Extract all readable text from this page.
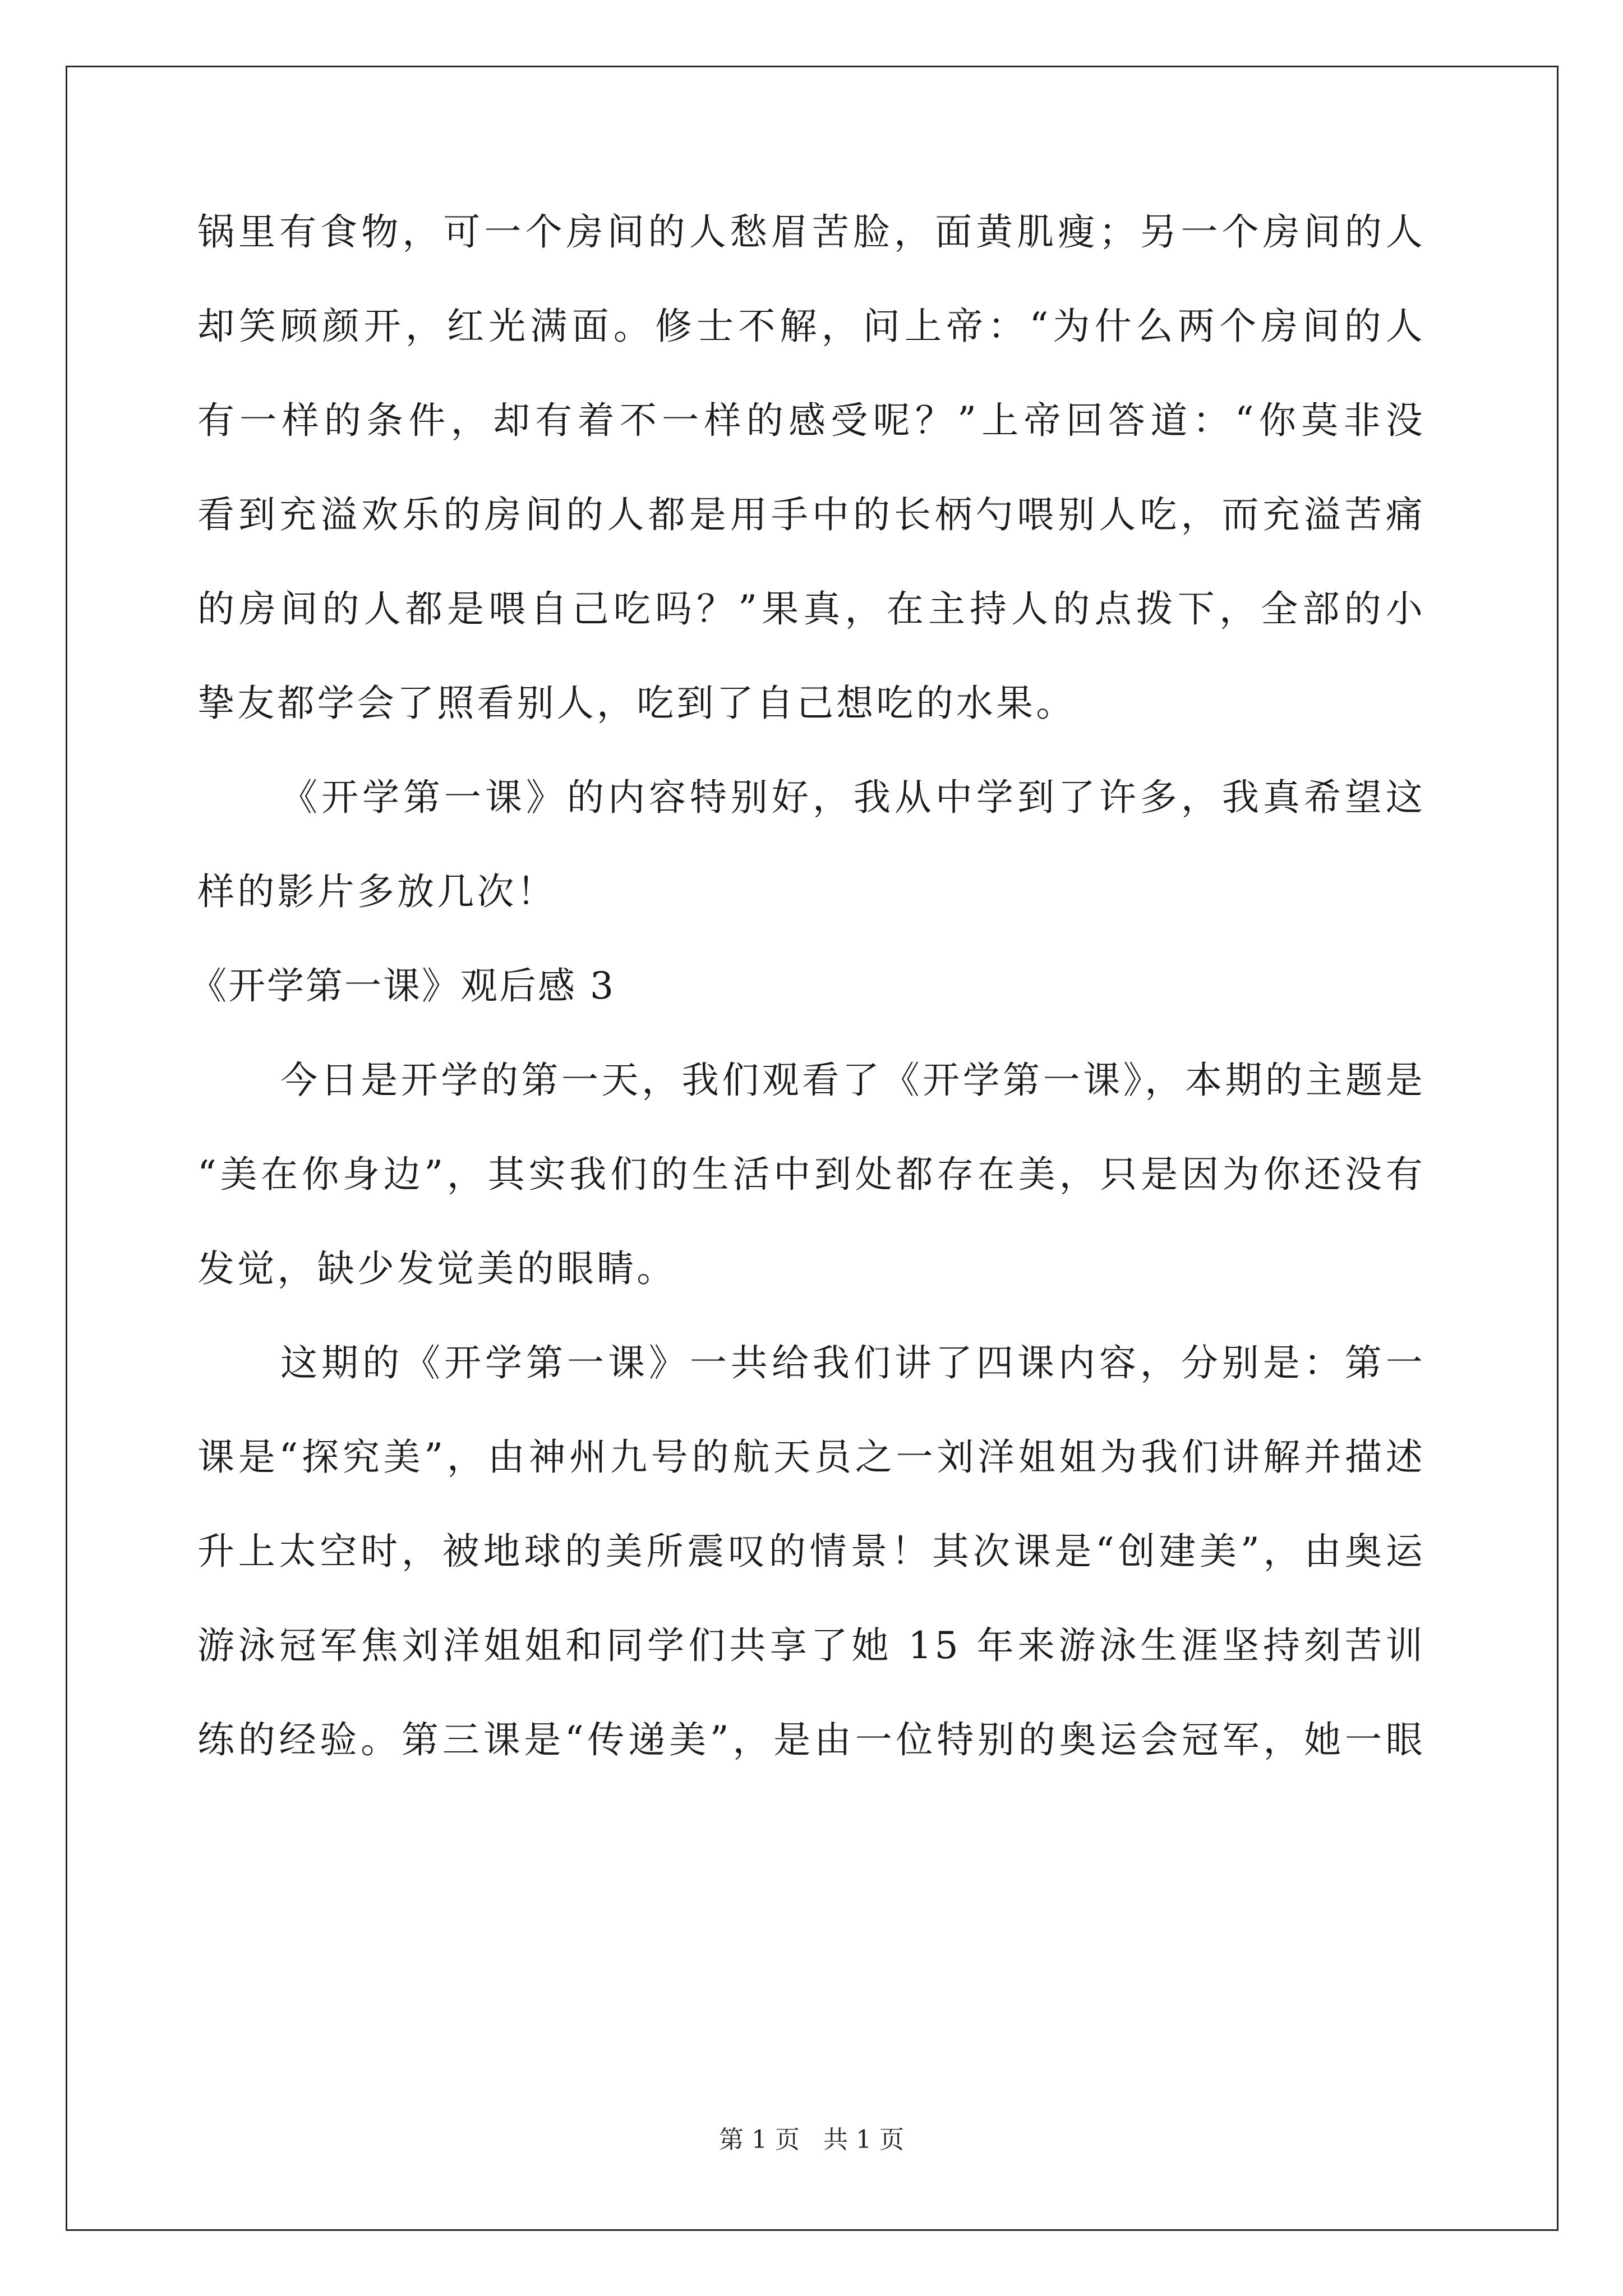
锅里有食物，可一个房间的人愁眉苦脸，面黄肌瘦；另一个房间的人

却笑顾颜开，红光满面。修士不解，问上帝：“为什么两个房间的人

有一样的条件，却有着不一样的感受呢？”上帝回答道：“你莫非没

看到充溢欢乐的房间的人都是用手中的长柄勺喂别人吃，而充溢苦痛

的房间的人都是喂自己吃吗？”果真，在主持人的点拨下，全部的小

挚友都学会了照看别人，吃到了自己想吃的水果。

《开学第一课》的内容特别好，我从中学到了许多，我真希望这

样的影片多放几次！

《开学第一课》观后感 3

今日是开学的第一天，我们观看了《开学第一课》，本期的主题是

“美在你身边”，其实我们的生活中到处都存在美，只是因为你还没有

发觉，缺少发觉美的眼睛。

这期的《开学第一课》一共给我们讲了四课内容，分别是：第一

课是“探究美”，由神州九号的航天员之一刘洋姐姐为我们讲解并描述

升上太空时，被地球的美所震叹的情景！其次课是“创建美”，由奥运

游泳冠军焦刘洋姐姐和同学们共享了她 15 年来游泳生涯坚持刻苦训

练的经验。第三课是“传递美”，是由一位特别的奥运会冠军，她一眼

第 1 页 共 1 页
